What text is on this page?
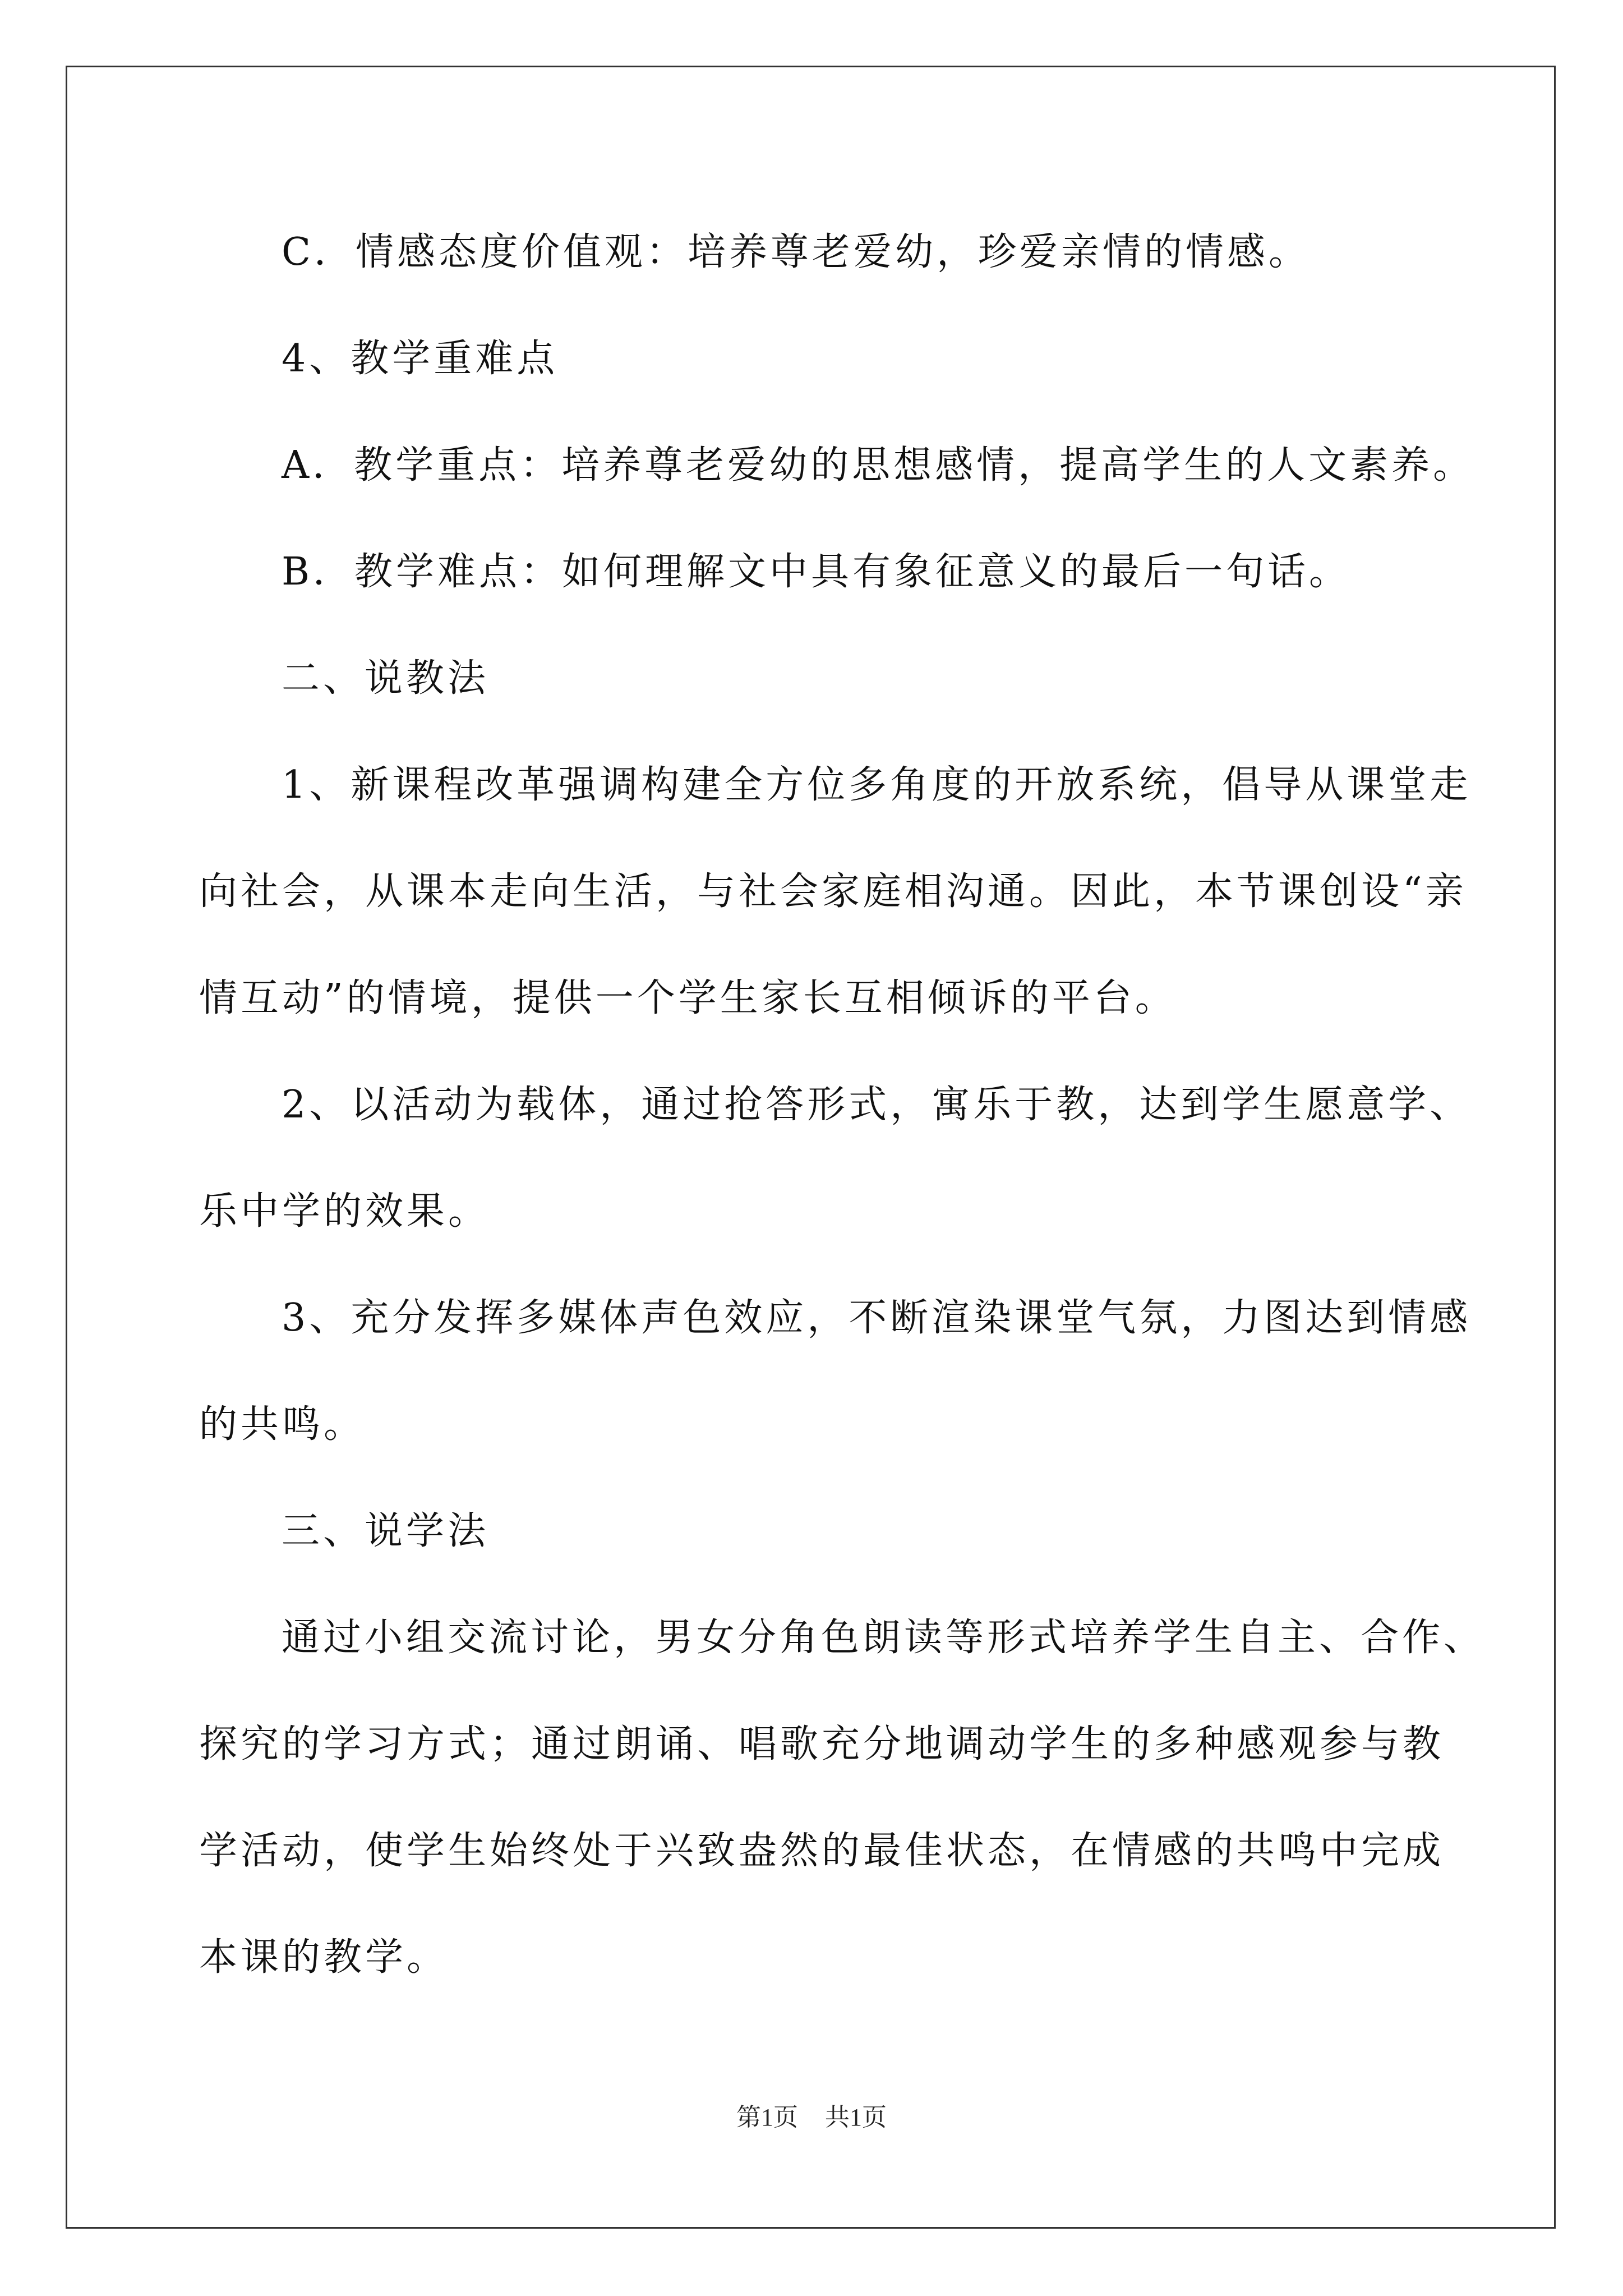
C．情感态度价值观：培养尊老爱幼，珍爱亲情的情感。
4、教学重难点
A．教学重点：培养尊老爱幼的思想感情，提高学生的人文素养。
B．教学难点：如何理解文中具有象征意义的最后一句话。
二、说教法
1、新课程改革强调构建全方位多角度的开放系统，倡导从课堂走
向社会，从课本走向生活，与社会家庭相沟通。因此，本节课创设“亲
情互动”的情境，提供一个学生家长互相倾诉的平台。
2、以活动为载体，通过抢答形式，寓乐于教，达到学生愿意学、
乐中学的效果。
3、充分发挥多媒体声色效应，不断渲染课堂气氛，力图达到情感
的共鸣。
三、说学法
通过小组交流讨论，男女分角色朗读等形式培养学生自主、合作、
探究的学习方式；通过朗诵、唱歌充分地调动学生的多种感观参与教
学活动，使学生始终处于兴致盎然的最佳状态，在情感的共鸣中完成
本课的教学。
第1页 共1页
